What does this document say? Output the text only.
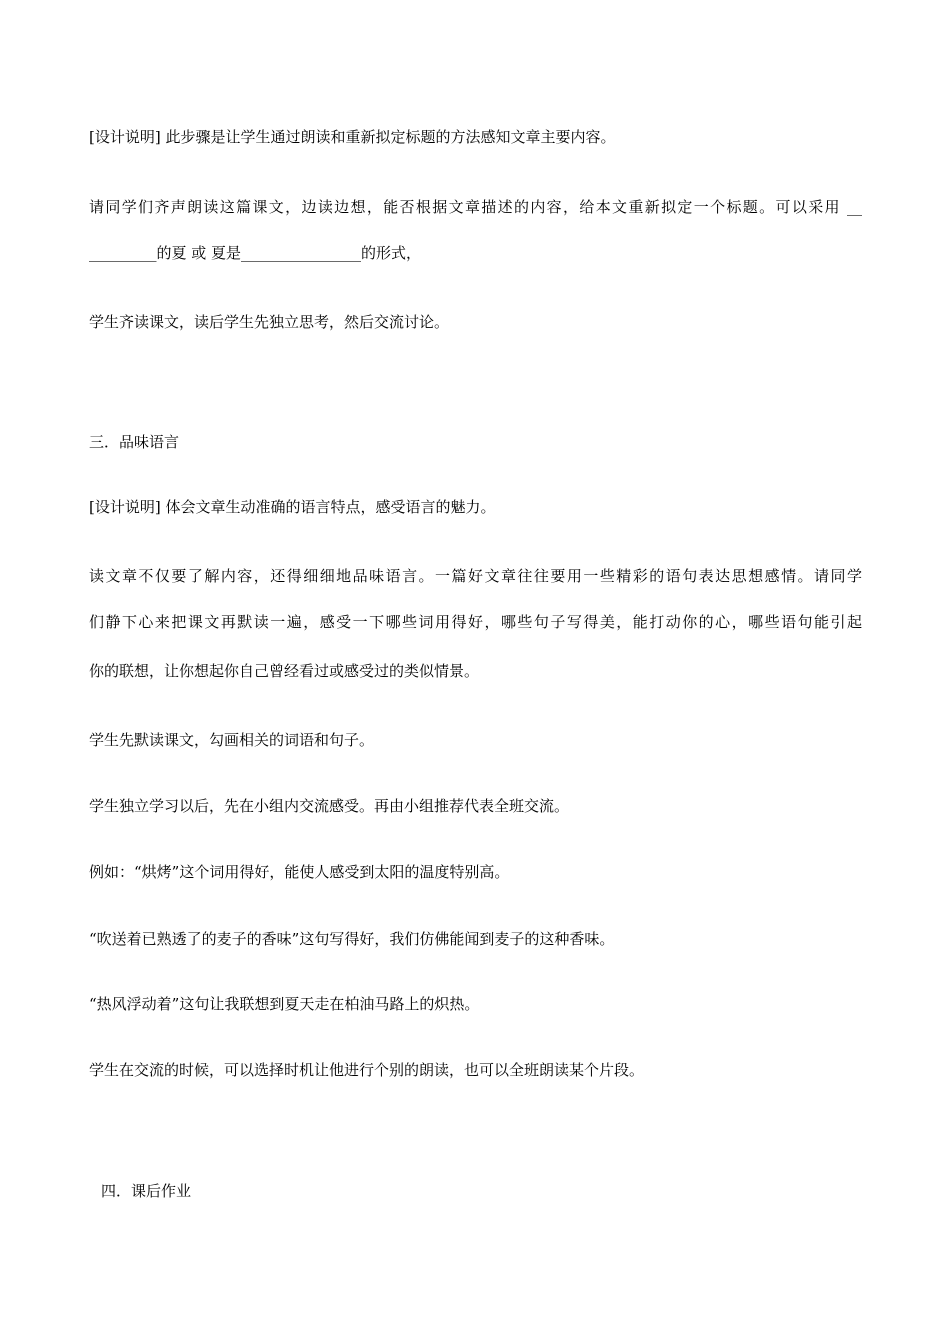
[设计说明] 此步骤是让学生通过朗读和重新拟定标题的方法感知文章主要内容。
请同学们齐声朗读这篇课文，边读边想，能否根据文章描述的内容，给本文重新拟定一个标题。可以采用 __
_________的夏 或 夏是________________的形式，
学生齐读课文，读后学生先独立思考，然后交流讨论。
三．品味语言
[设计说明] 体会文章生动准确的语言特点，感受语言的魅力。
读文章不仅要了解内容，还得细细地品味语言。一篇好文章往往要用一些精彩的语句表达思想感情。请同学
们静下心来把课文再默读一遍，感受一下哪些词用得好，哪些句子写得美，能打动你的心，哪些语句能引起
你的联想，让你想起你自己曾经看过或感受过的类似情景。
学生先默读课文，勾画相关的词语和句子。
学生独立学习以后，先在小组内交流感受。再由小组推荐代表全班交流。
例如：“烘烤”这个词用得好，能使人感受到太阳的温度特别高。
“吹送着已熟透了的麦子的香味”这句写得好，我们仿佛能闻到麦子的这种香味。
“热风浮动着”这句让我联想到夏天走在柏油马路上的炽热。
学生在交流的时候，可以选择时机让他进行个别的朗读，也可以全班朗读某个片段。
四．课后作业
